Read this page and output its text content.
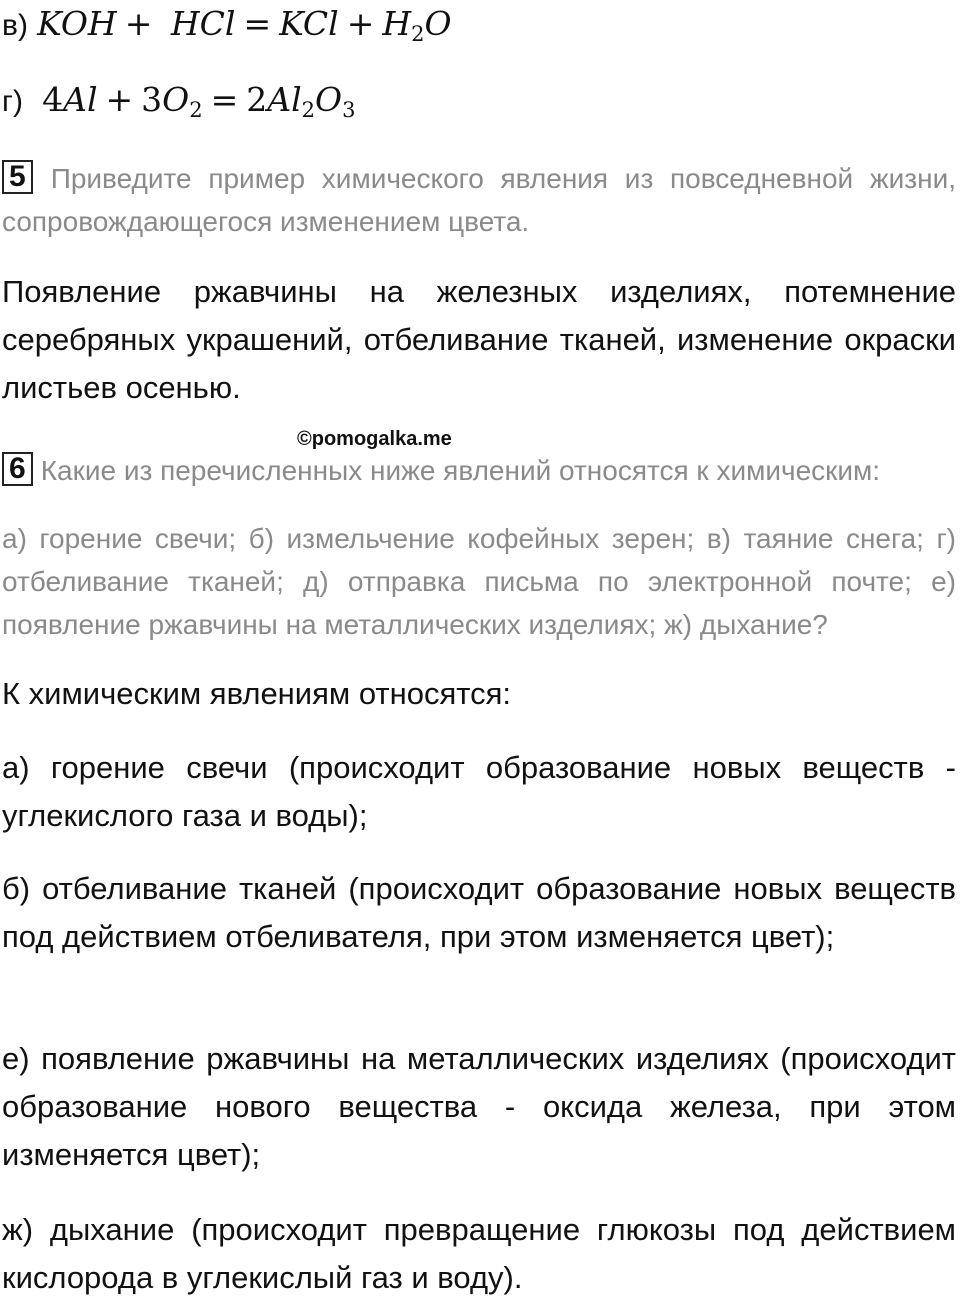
в) KOH + HCl = KCl + $H_2O$
г) $4Al + 3O_2 = 2Al_2O_3$
5 Приведите пример химического явления из повседневной жизни, сопровождающегося изменением цвета.
Появление ржавчины на железных изделиях, потемнение серебряных украшений, отбеливание тканей, изменение окраски листьев осенью.
©pomogalka.me
6 Какие из перечисленных ниже явлений относятся к химическим:
а) горение свечи; б) измельчение кофейных зерен; в) таяние снега; г) отбеливание тканей; д) отправка письма по электронной почте; е) появление ржавчины на металлических изделиях; ж) дыхание?
К химическим явлениям относятся:
а) горение свечи (происходит образование новых веществ - углекислого газа и воды);
б) отбеливание тканей (происходит образование новых веществ под действием отбеливателя, при этом изменяется цвет);
е) появление ржавчины на металлических изделиях (происходит образование нового вещества - оксида железа, при этом изменяется цвет);
ж) дыхание (происходит превращение глюкозы под действием кислорода в углекислый газ и воду).
